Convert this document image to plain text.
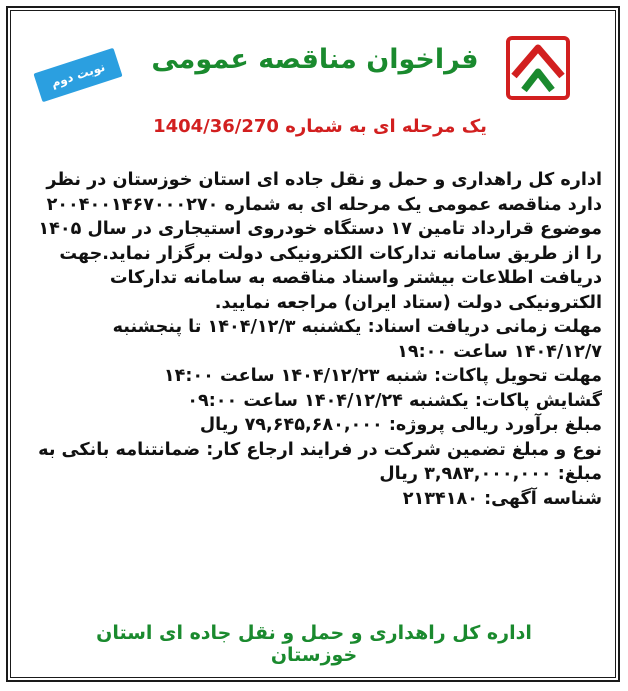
فراخوان مناقصه عمومی
نوبت دوم
یک مرحله ای به شماره 1404/36/270

اداره کل راهداری و حمل و نقل جاده ای استان خوزستان در نظر دارد مناقصه عمومی یک مرحله ای به شماره ۲۰۰۴۰۰۱۴۶۷۰۰۰۲۷۰ موضوع قرارداد تامین ۱۷ دستگاه خودروی استیجاری در سال ۱۴۰۵ را از طریق سامانه تدارکات الکترونیکی دولت برگزار نماید.جهت دریافت اطلاعات بیشتر واسناد مناقصه به سامانه تدارکات الکترونیکی دولت (ستاد ایران) مراجعه نمایید.

مهلت زمانی دریافت اسناد: یکشنبه ۱۴۰۴/۱۲/۳ تا پنجشنبه ۱۴۰۴/۱۲/۷ ساعت ۱۹:۰۰

مهلت تحویل پاکات: شنبه ۱۴۰۴/۱۲/۲۳ ساعت ۱۴:۰۰

گشایش پاکات: یکشنبه ۱۴۰۴/۱۲/۲۴ ساعت ۰۹:۰۰

مبلغ برآورد ریالی پروژه: ۷۹,۶۴۵,۶۸۰,۰۰۰ ریال

نوع و مبلغ تضمین شرکت در فرایند ارجاع کار: ضمانتنامه بانکی به مبلغ: ۳,۹۸۳,۰۰۰,۰۰۰ ریال

شناسه آگهی: ۲۱۳۴۱۸۰

اداره کل راهداری و حمل و نقل جاده ای استان خوزستان
